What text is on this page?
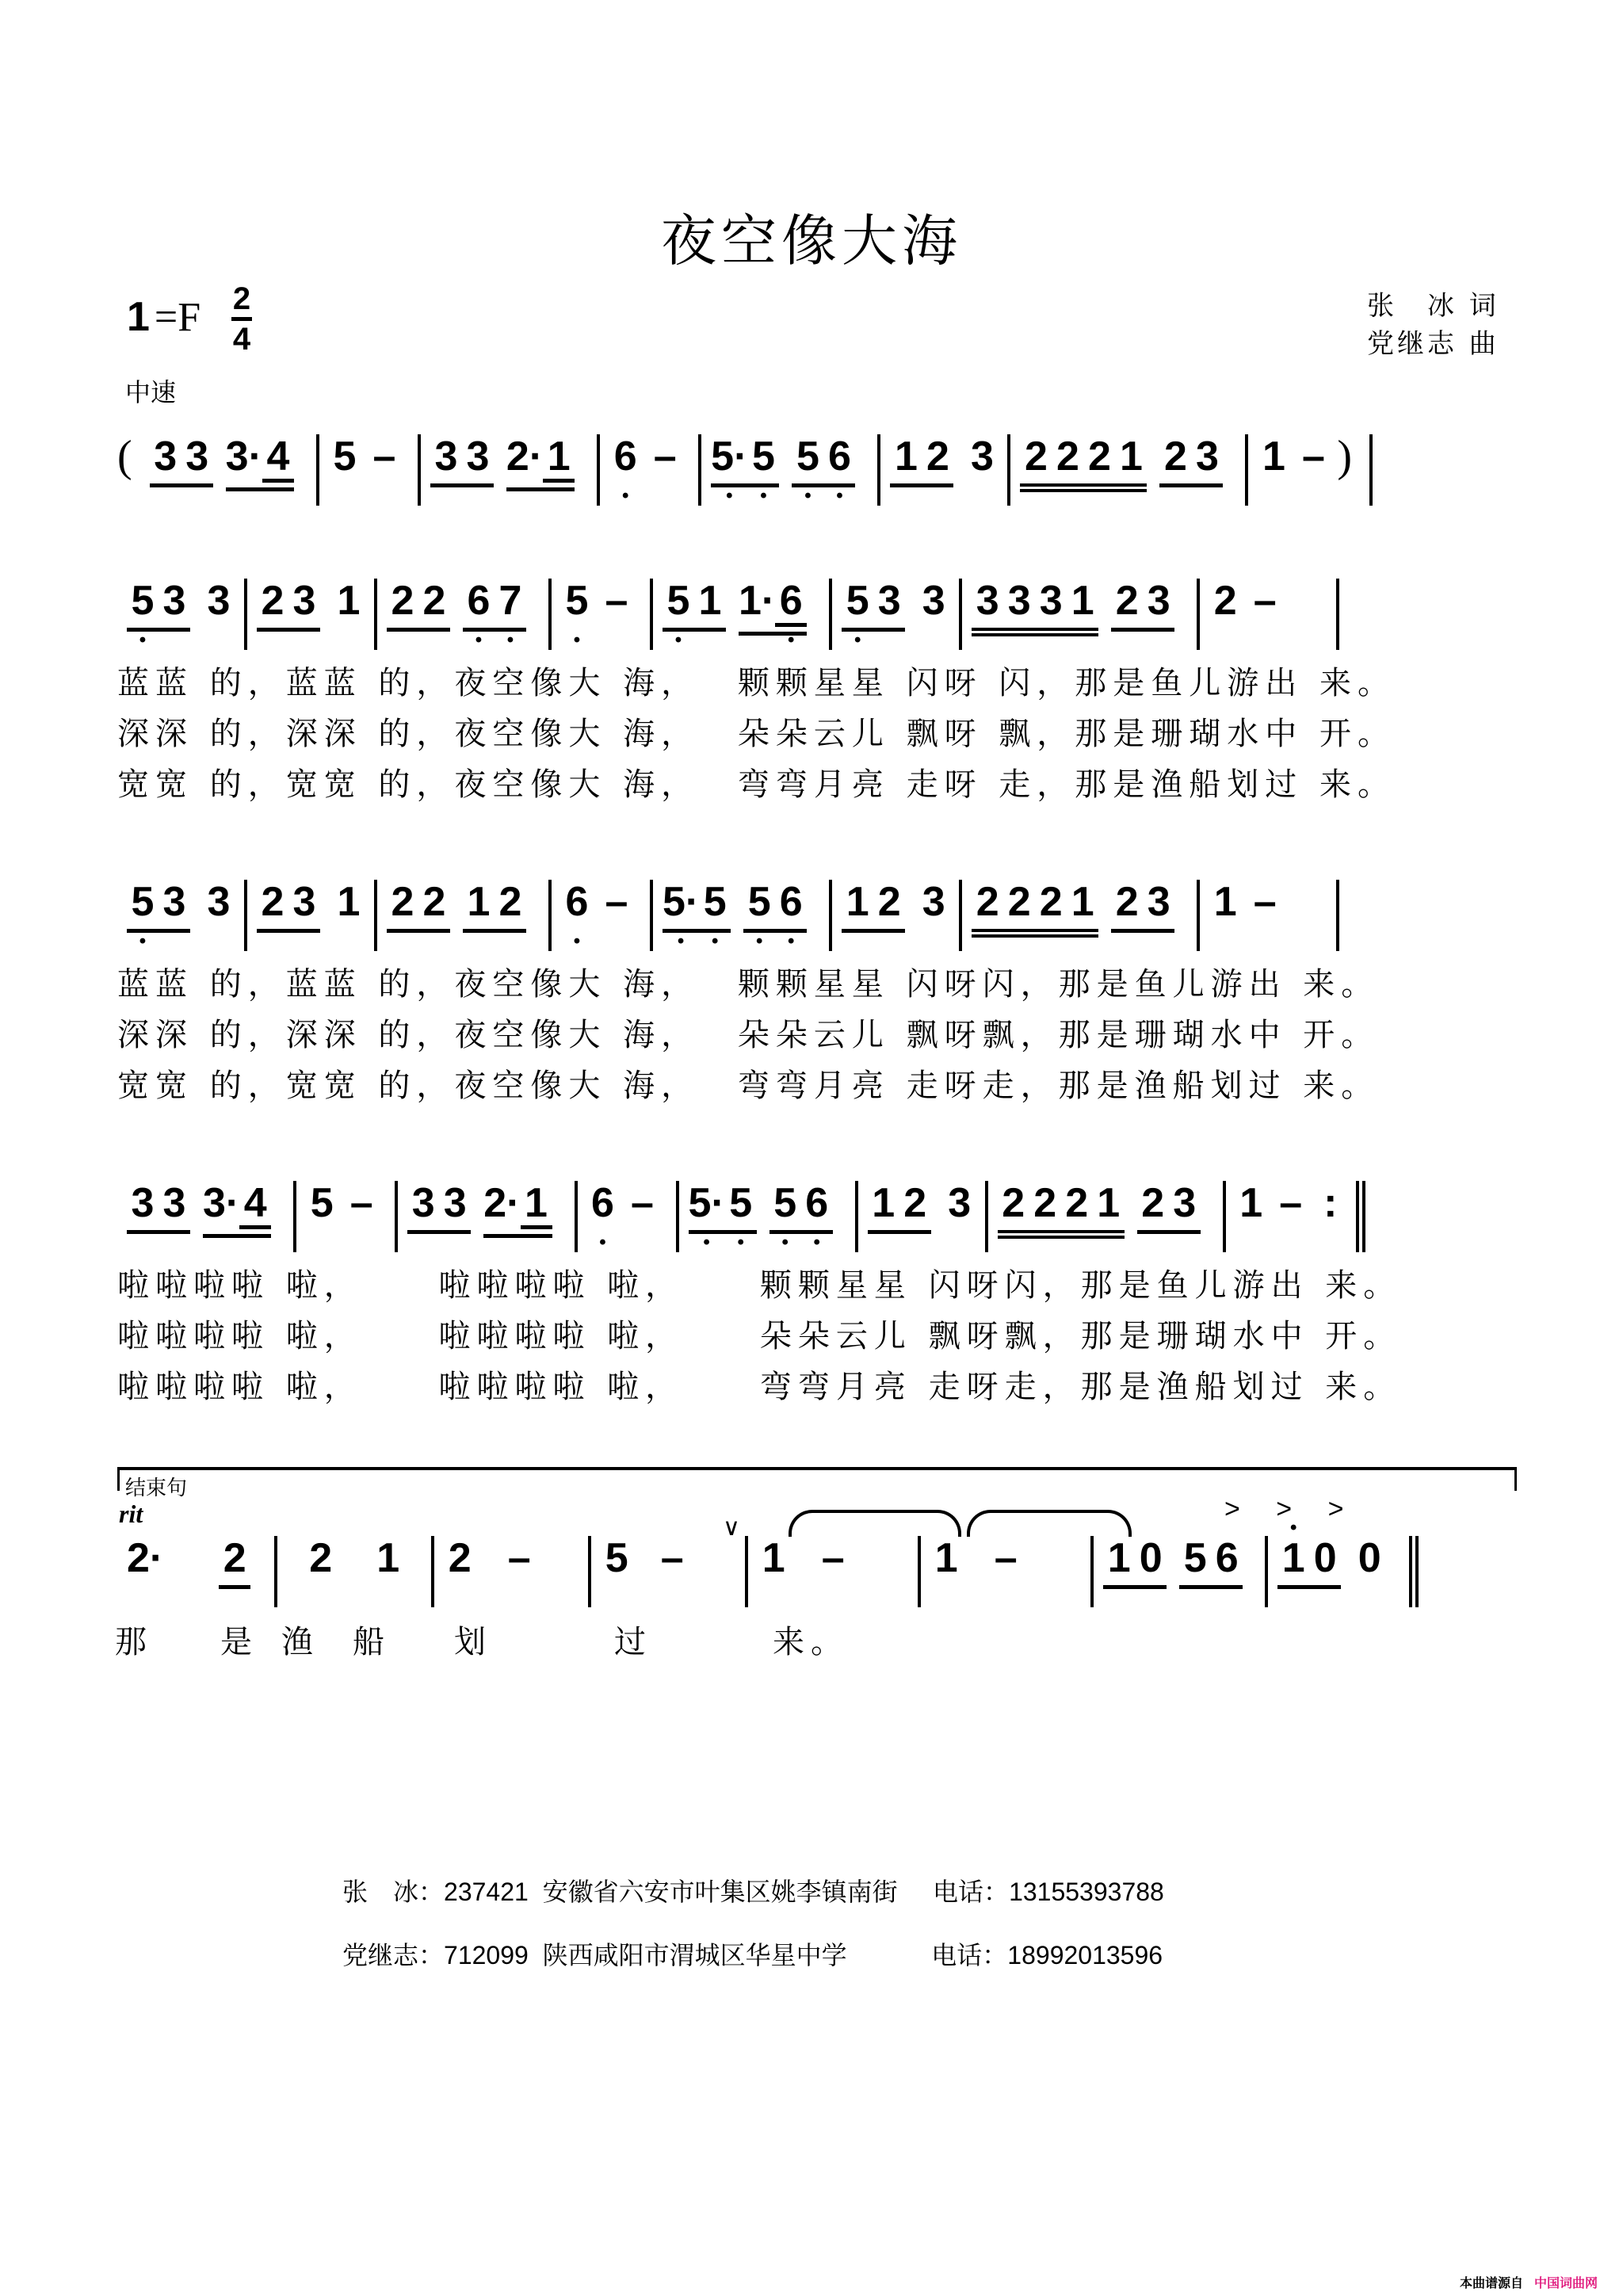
夜空像大海
1 =F 2
4
中速
张　冰 词
党继志 曲
( 3 3 3· 4 5 – 3 3 2· 1 6 • – 5· • 5 • 5 • 6 • 1 2 3 2 2 2 1 2 3 1 – )
5 • 3 3 2 3 1 2 2 6 • 7 • 5 • – 5 • 1 1· 6 • 5 • 3 3 3 3 3 1 2 3 2 –
蓝蓝 的，蓝蓝 的，夜空像大 海，　 颗颗星星 闪呀 闪，那是鱼儿游出 来。
深深 的，深深 的，夜空像大 海，　 朵朵云儿 飘呀 飘，那是珊瑚水中 开。
宽宽 的，宽宽 的，夜空像大 海，　 弯弯月亮 走呀 走，那是渔船划过 来。
5 • 3 3 2 3 1 2 2 1 2 6 • – 5· • 5 • 5 • 6 • 1 2 3 2 2 2 1 2 3 1 –
蓝蓝 的，蓝蓝 的，夜空像大 海，　 颗颗星星 闪呀闪，那是鱼儿游出 来。
深深 的，深深 的，夜空像大 海，　 朵朵云儿 飘呀飘，那是珊瑚水中 开。
宽宽 的，宽宽 的，夜空像大 海，　 弯弯月亮 走呀走，那是渔船划过 来。
3 3 3· 4 5 – 3 3 2· 1 6 • – 5· • 5 • 5 • 6 • 1 2 3 2 2 2 1 2 3 1 – :
啦啦啦啦 啦，　　 啦啦啦啦 啦，　　 颗颗星星 闪呀闪，那是鱼儿游出 来。
啦啦啦啦 啦，　　 啦啦啦啦 啦，　　 朵朵云儿 飘呀飘，那是珊瑚水中 开。
啦啦啦啦 啦，　　 啦啦啦啦 啦，　　 弯弯月亮 走呀走，那是渔船划过 来。
结束句
rit	> > >
∨
2· 2 2 1 2 –	5 –	1 –	1 –	1 0 5 6 • 1 0 0
那 是 渔 船 划	过	来。
张　冰：237421 安徽省六安市叶集区姚李镇南街 电话：13155393788
党继志：712099 陕西咸阳市渭城区华星中学	电话：18992013596
本曲谱源自 中国词曲网
